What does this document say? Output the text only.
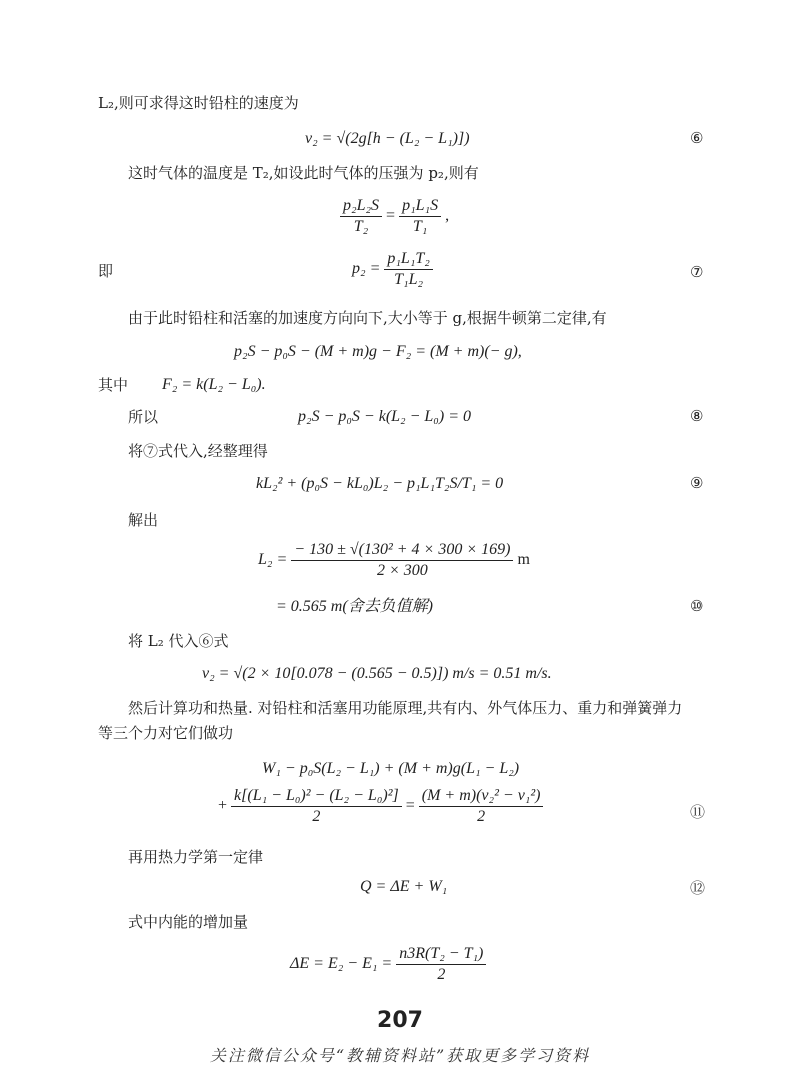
L₂,则可求得这时铅柱的速度为
v₂ = √(2g[h − (L₂ − L₁)])	⑥
这时气体的温度是 T₂,如设此时气体的压强为 p₂,则有
$\frac{\text{p₂L₂S}}{\text{T₂}} = \frac{\text{p₁L₁S}}{\text{T₁}}$ ,
即	$p_2 = \frac{\text{p₁L₁T₂}}{\text{T₁L₂}}$	⑦
由于此时铅柱和活塞的加速度方向向下,大小等于 g,根据牛顿第二定律,有
p₂S − p₀S − (M + m)g − F₂ = (M + m)(− g),
其中 F₂ = k(L₂ − L₀).
所以	p₂S − p₀S − k(L₂ − L₀) = 0	⑧
将⑦式代入,经整理得
kL₂² + (p₀S − kL₀)L₂ − p₁L₁T₂S/T₁ = 0	⑨
解出
$L_2 = \frac{\text{− 130 ± √(130² + 4 × 300 × 169)}}{2 \times 300}$ m
= 0.565 m(舍去负值解)	⑩
将 L₂ 代入⑥式
v₂ = √(2 × 10[0.078 − (0.565 − 0.5)]) m/s = 0.51 m/s.
然后计算功和热量. 对铅柱和活塞用功能原理,共有内、外气体压力、重力和弹簧弹力
等三个力对它们做功
W₁ − p₀S(L₂ − L₁) + (M + m)g(L₁ − L₂)
+ $\frac{\text{k[(L₁ − L₀)² − (L₂ − L₀)²]}}{2} = \frac{\text{(M + m)(v₂² − v₁²)}}{2}$	⑪
再用热力学第一定律
Q = ΔE + W₁	⑫
式中内能的增加量
$\Delta E = E_2 - E_1 = \frac{\text{n3R(T₂ − T₁)}}{2}$
207
关注微信公众号“教辅资料站”获取更多学习资料
